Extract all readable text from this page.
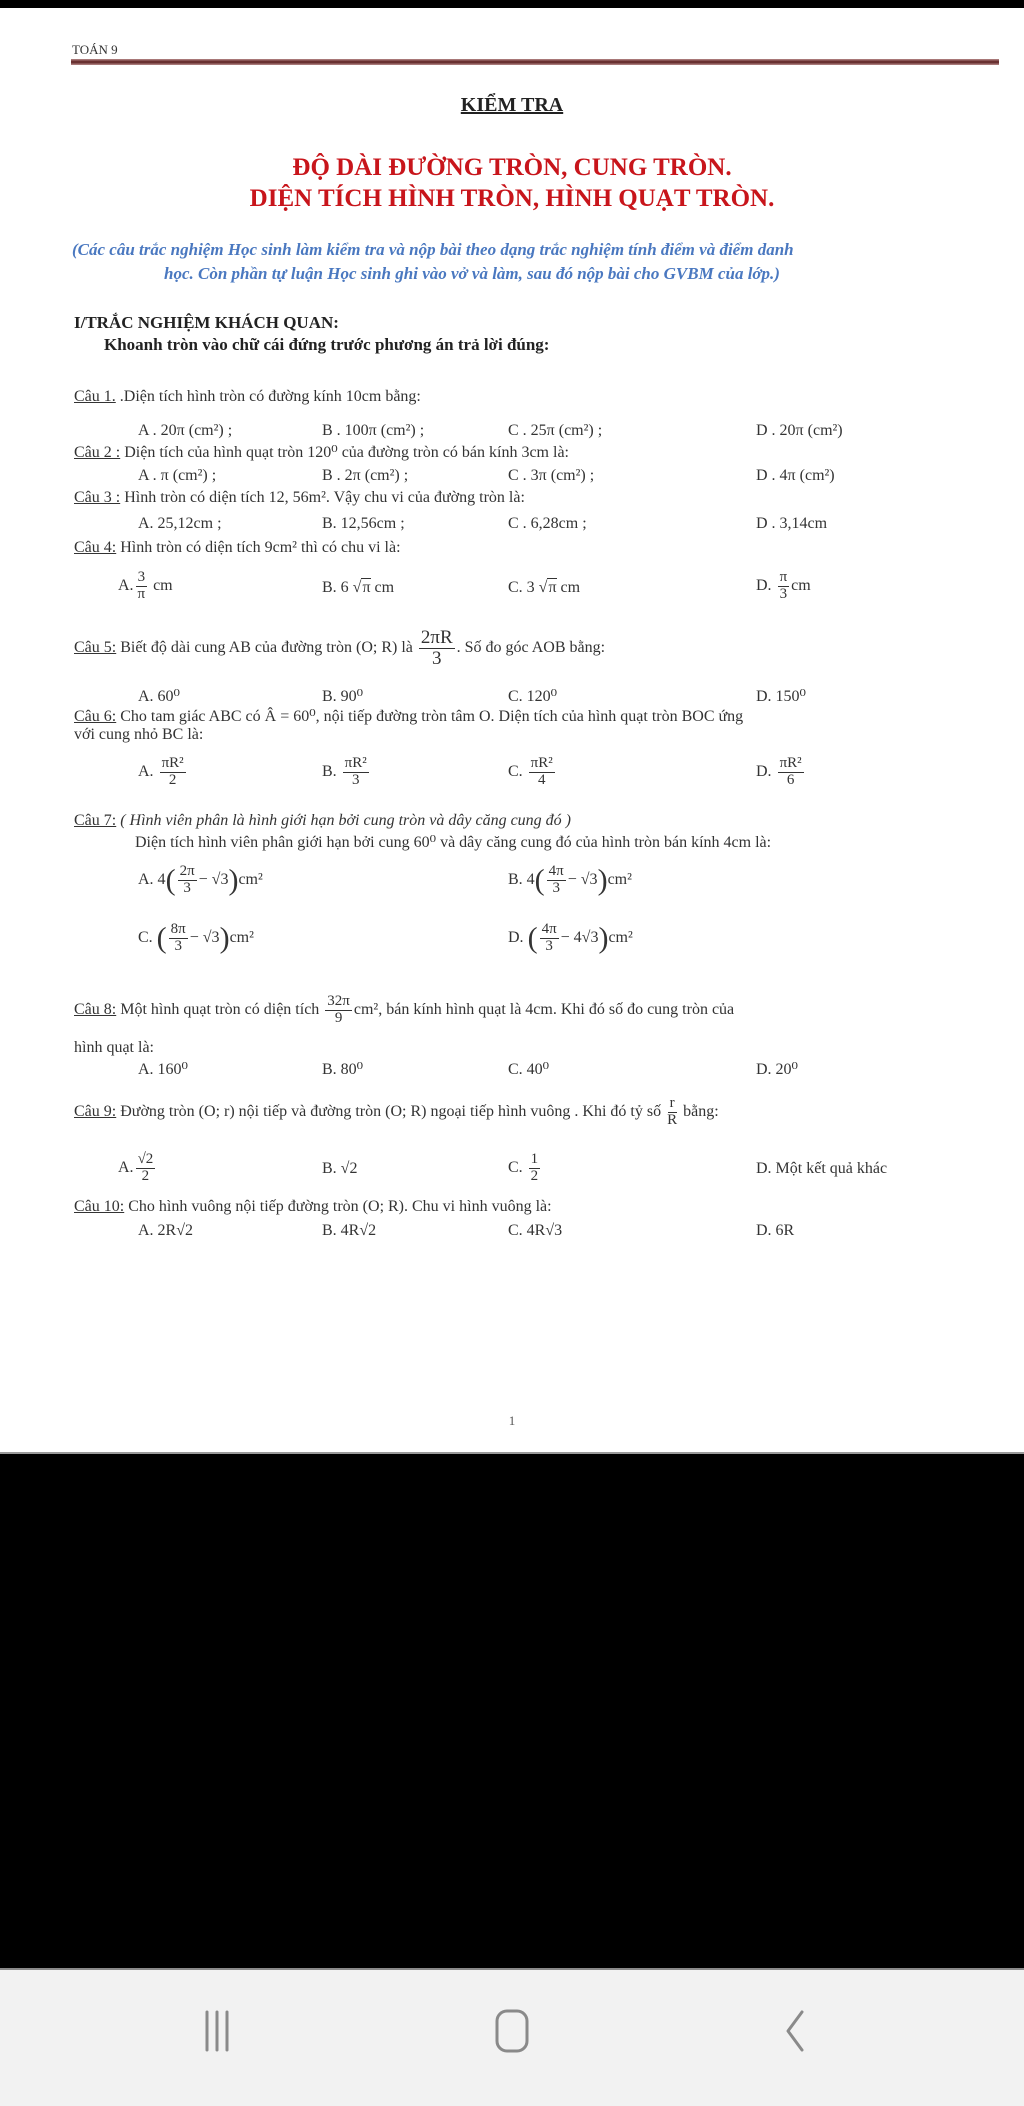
TOÁN 9
KIỂM TRA
ĐỘ DÀI ĐƯỜNG TRÒN, CUNG TRÒN.
DIỆN TÍCH HÌNH TRÒN, HÌNH QUẠT TRÒN.
(Các câu trắc nghiệm Học sinh làm kiểm tra và nộp bài theo dạng trắc nghiệm tính điểm và điểm danh
học. Còn phần tự luận Học sinh ghi vào vở và làm, sau đó nộp bài cho GVBM của lớp.)
I/TRẮC NGHIỆM KHÁCH QUAN:
Khoanh tròn vào chữ cái đứng trước phương án trả lời đúng:
Câu 1. .Diện tích hình tròn có đường kính 10cm bằng:
A . 20π (cm²) ;	B . 100π (cm²) ;	C . 25π (cm²) ;	D . 20π (cm²)
Câu 2 : Diện tích của hình quạt tròn 120⁰ của đường tròn có bán kính 3cm là:
A . π (cm²) ;	B . 2π (cm²) ;	C . 3π (cm²) ;	D . 4π (cm²)
Câu 3 : Hình tròn có diện tích 12, 56m². Vậy chu vi của đường tròn là:
A. 25,12cm ;	B. 12,56cm ;	C . 6,28cm ;	D . 3,14cm
Câu 4: Hình tròn có diện tích 9cm² thì có chu vi là:
A. $\frac{3}{\pi}$ cm	B. 6 √π cm	C. 3 √π cm	D. $\frac{\pi}{3}$ cm
Câu 5: Biết độ dài cung AB của đường tròn (O; R) là $\frac{2\pi R}{3}$ . Số đo góc AOB bằng:
A. 60⁰	B. 90⁰	C. 120⁰	D. 150⁰
Câu 6: Cho tam giác ABC có Â = 60⁰, nội tiếp đường tròn tâm O. Diện tích của hình quạt tròn BOC ứng
với cung nhỏ BC là:
A. $\frac{\text{πR²}}{2}$	B. $\frac{\text{πR²}}{3}$	C. $\frac{\text{πR²}}{4}$	D. $\frac{\text{πR²}}{6}$
Câu 7: ( Hình viên phân là hình giới hạn bởi cung tròn và dây căng cung đó )
Diện tích hình viên phân giới hạn bởi cung 60⁰ và dây căng cung đó của hình tròn bán kính 4cm là:
A. $4( \frac{2\pi}{3} - √3)cm^2$	B. $4( \frac{4\pi}{3} - √3)cm^2$
C. ( $\frac{8\pi}{3} - √3)cm^2$	D. ( $\frac{4\pi}{3} - 4√3)cm^2$
Câu 8: Một hình quạt tròn có diện tích $\frac{32\pi}{9} cm^2$, bán kính hình quạt là 4cm. Khi đó số đo cung tròn của
hình quạt là:
A. 160⁰	B. 80⁰	C. 40⁰	D. 20⁰
Câu 9: Đường tròn (O; r) nội tiếp và đường tròn (O; R) ngoại tiếp hình vuông . Khi đó tỷ số $\frac{r}{R}$ bằng:
A. $\frac{√2}{2}$	B. √2	C. $\frac{1}{2}$	D. Một kết quả khác
Câu 10: Cho hình vuông nội tiếp đường tròn (O; R). Chu vi hình vuông là:
A. 2R√2	B. 4R√2	C. 4R√3	D. 6R
1
